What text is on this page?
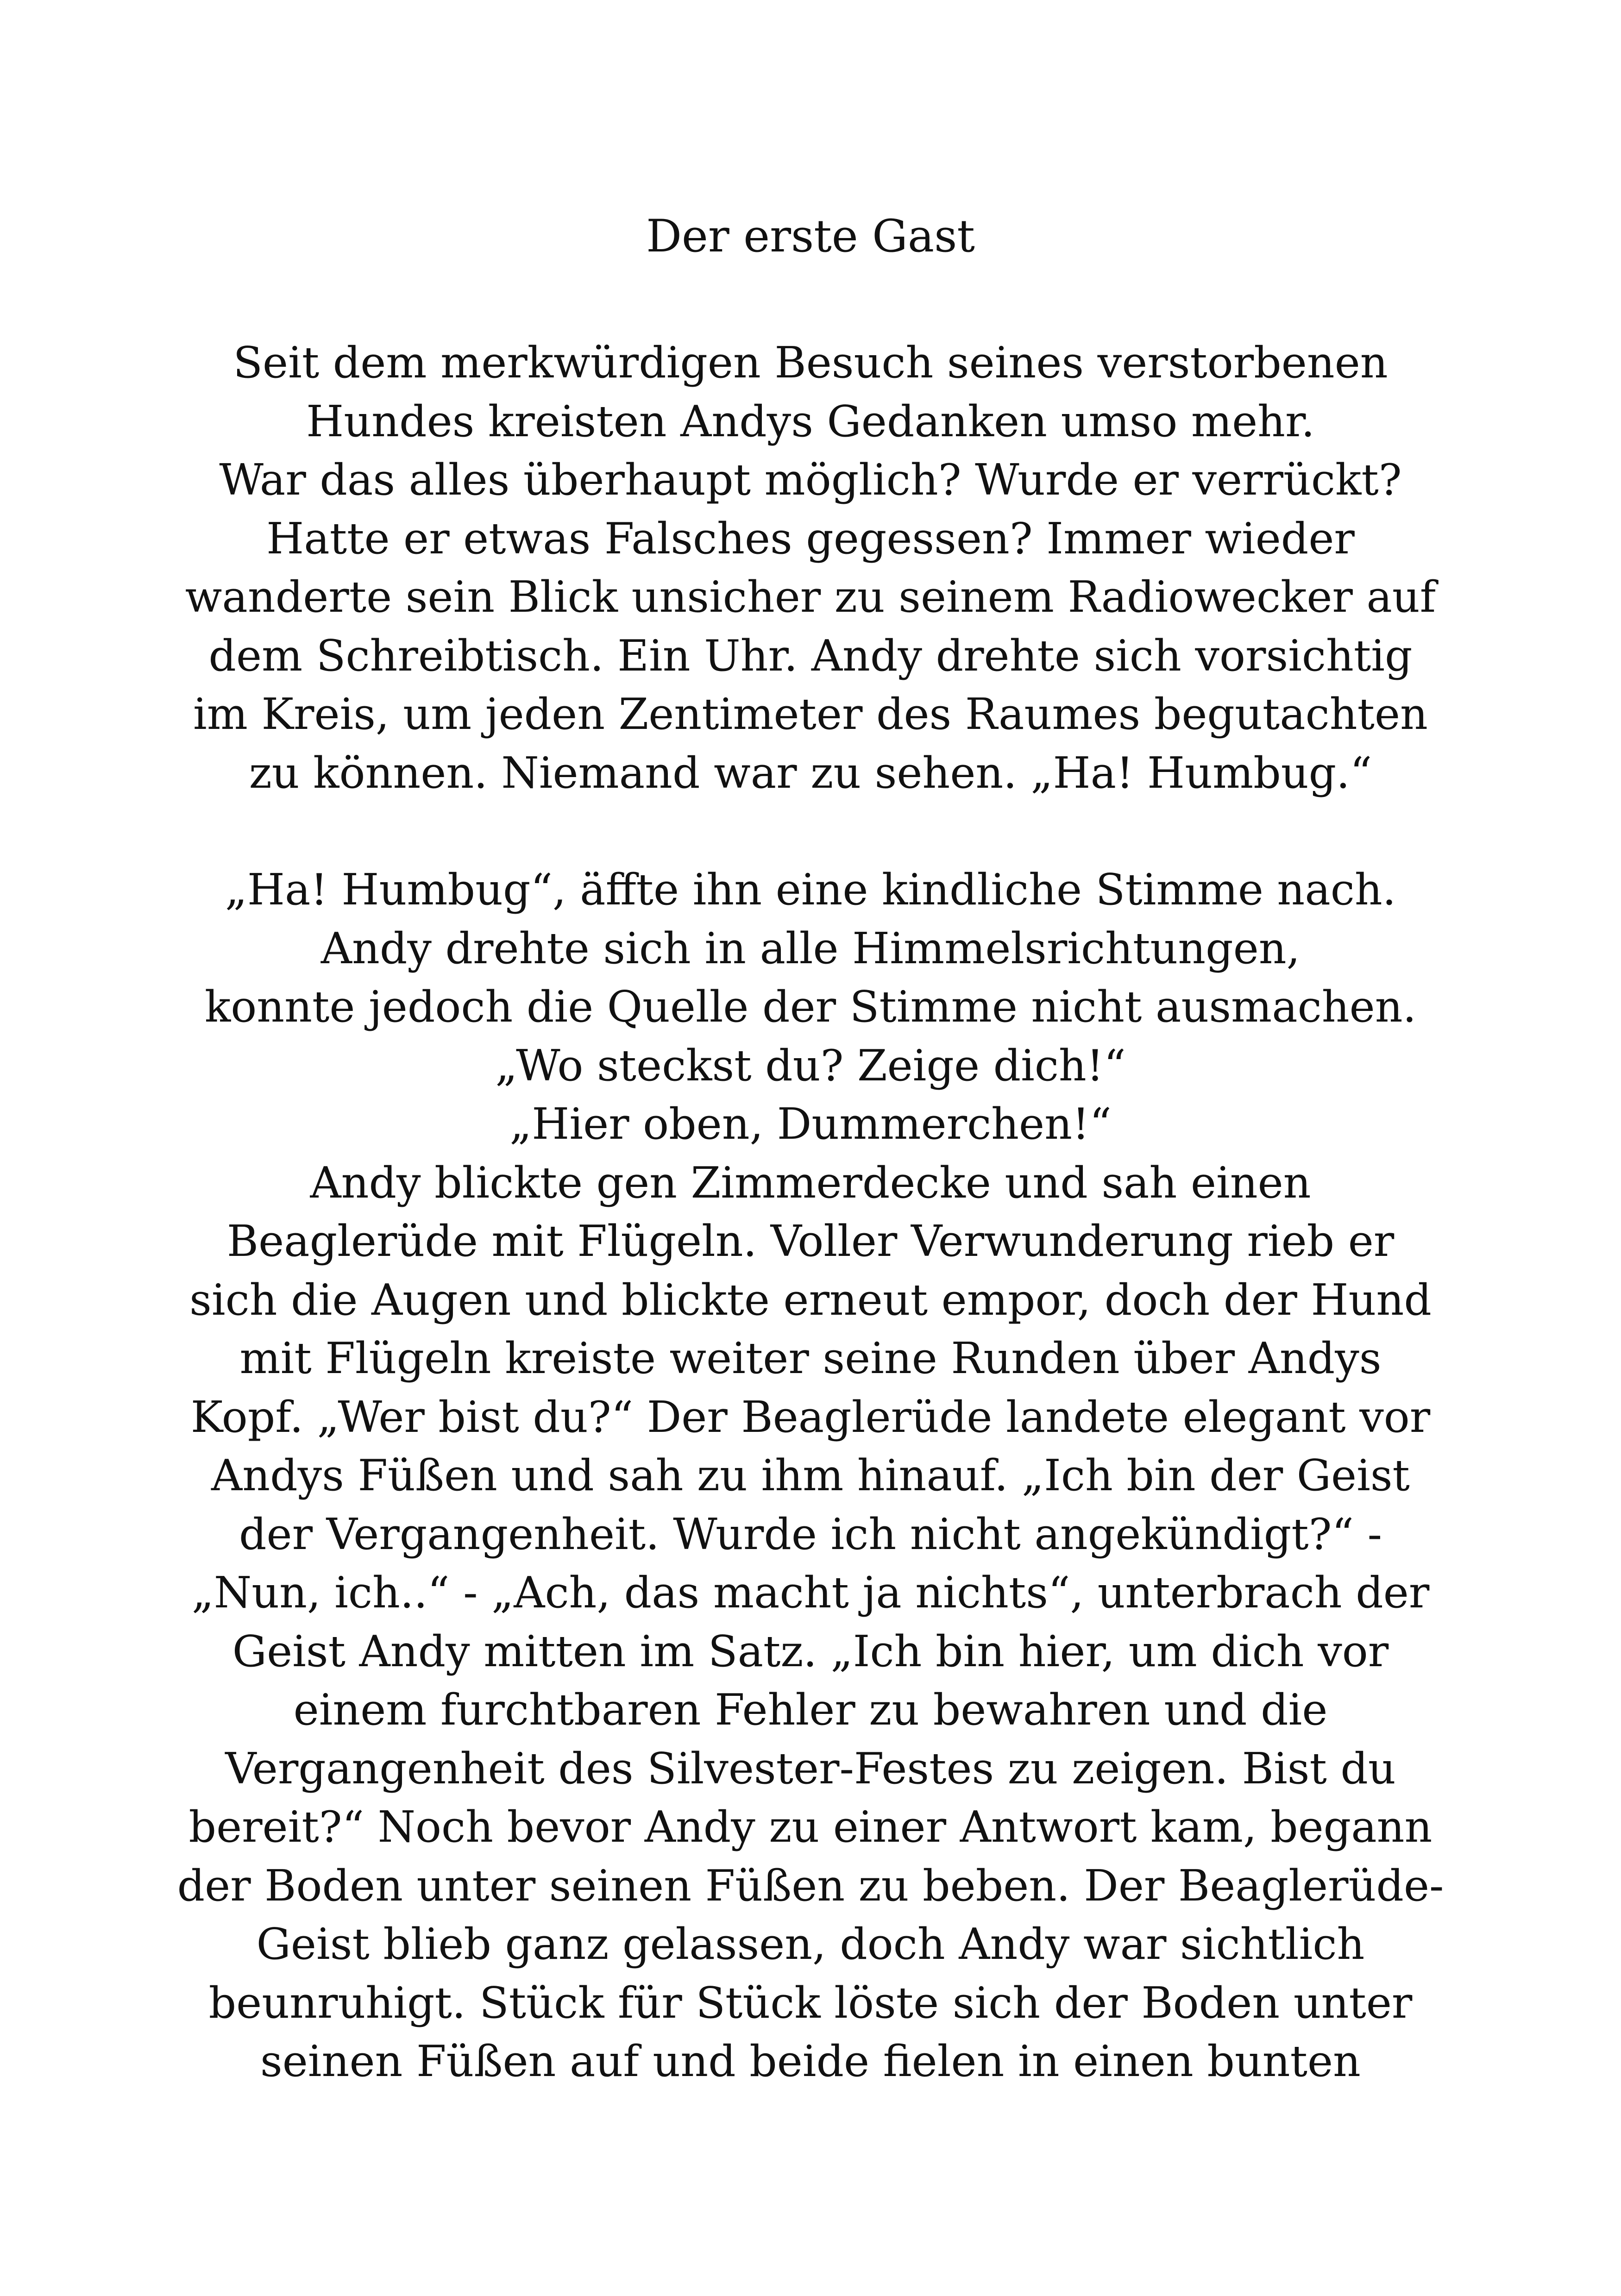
Der erste Gast
Seit dem merkwürdigen Besuch seines verstorbenen
Hundes kreisten Andys Gedanken umso mehr.
War das alles überhaupt möglich? Wurde er verrückt?
Hatte er etwas Falsches gegessen? Immer wieder
wanderte sein Blick unsicher zu seinem Radiowecker auf
dem Schreibtisch. Ein Uhr. Andy drehte sich vorsichtig
im Kreis, um jeden Zentimeter des Raumes begutachten
zu können. Niemand war zu sehen. „Ha! Humbug.“
„Ha! Humbug“, äffte ihn eine kindliche Stimme nach.
Andy drehte sich in alle Himmelsrichtungen,
konnte jedoch die Quelle der Stimme nicht ausmachen.
„Wo steckst du? Zeige dich!“
„Hier oben, Dummerchen!“
Andy blickte gen Zimmerdecke und sah einen
Beaglerüde mit Flügeln. Voller Verwunderung rieb er
sich die Augen und blickte erneut empor, doch der Hund
mit Flügeln kreiste weiter seine Runden über Andys
Kopf. „Wer bist du?“ Der Beaglerüde landete elegant vor
Andys Füßen und sah zu ihm hinauf. „Ich bin der Geist
der Vergangenheit. Wurde ich nicht angekündigt?“ -
„Nun, ich..“ - „Ach, das macht ja nichts“, unterbrach der
Geist Andy mitten im Satz. „Ich bin hier, um dich vor
einem furchtbaren Fehler zu bewahren und die
Vergangenheit des Silvester-Festes zu zeigen. Bist du
bereit?“ Noch bevor Andy zu einer Antwort kam, begann
der Boden unter seinen Füßen zu beben. Der Beaglerüde-
Geist blieb ganz gelassen, doch Andy war sichtlich
beunruhigt. Stück für Stück löste sich der Boden unter
seinen Füßen auf und beide fielen in einen bunten
